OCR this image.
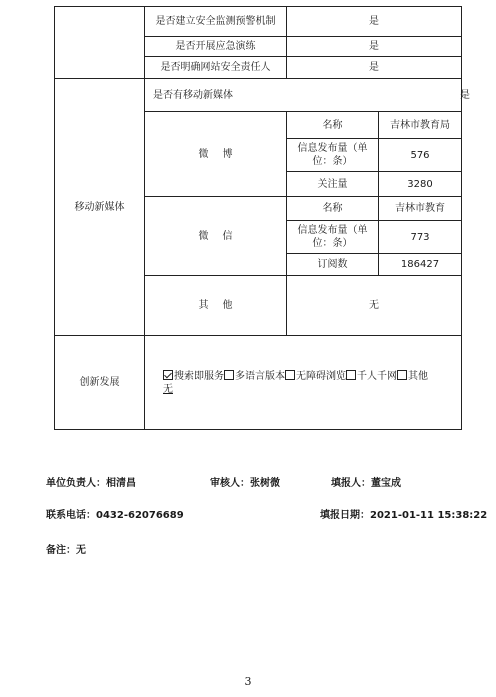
	是否建立安全监测预警机制	是	
	是否开展应急演练	是	
	是否明确网站安全责任人	是	
移动新媒体	是否有移动新媒体 是		

	微博	名称	吉林市教育局
		信息发布量（单位：条）	576
		关注量	3280
	微信	名称	吉林市教育
		信息发布量（单位：条）	773
		订阅数	186427
	其他	无	
创新发展	搜索即服务 多语言版本 无障碍浏览 千人千网 其他
无		
单位负责人：相清昌	审核人：张树微	填报人：董宝成
联系电话：0432-62076689	填报日期：2021-01-11 15:38:22
备注：无
3
